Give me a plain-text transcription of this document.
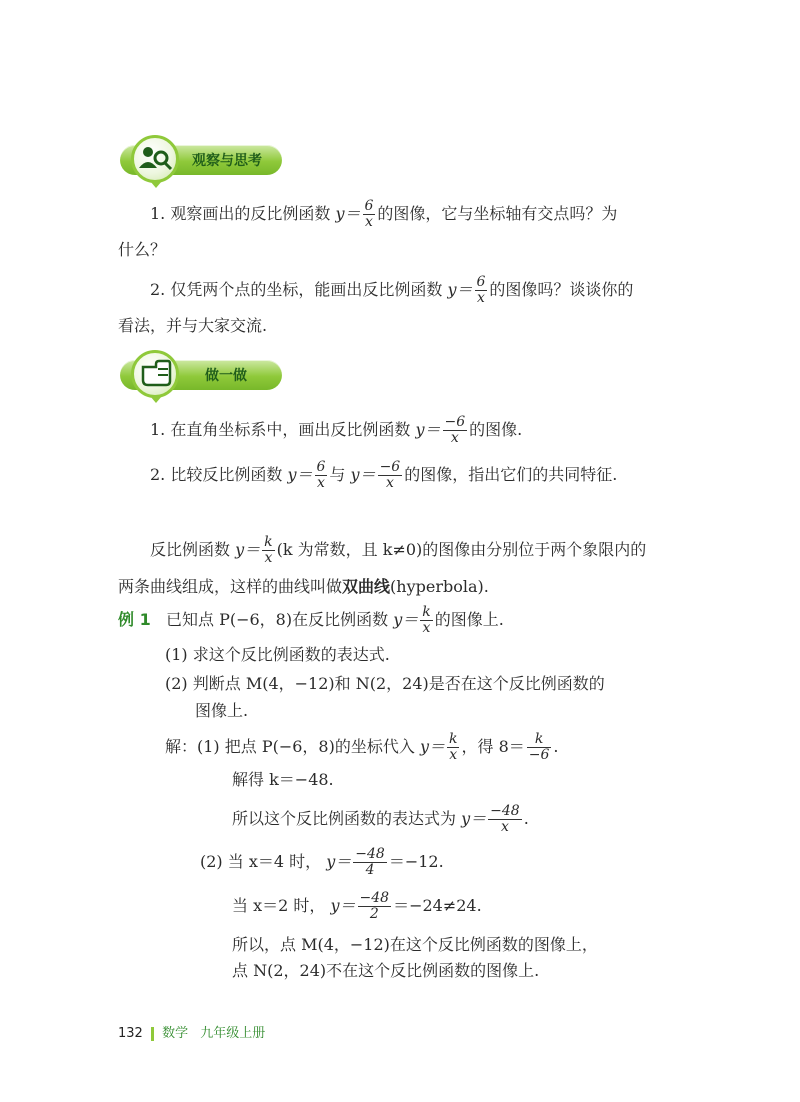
观察与思考
1. 观察画出的反比例函数 $y= \frac{6}{x}$ 的图像，它与坐标轴有交点吗？为
什么？
2. 仅凭两个点的坐标，能画出反比例函数 $y= \frac{6}{x}$ 的图像吗？谈谈你的
看法，并与大家交流.
做一做
1. 在直角坐标系中，画出反比例函数 $y= \frac{-6}{x}$ 的图像.
2. 比较反比例函数 $y= \frac{6}{x}$ 与 $y= \frac{-6}{x}$ 的图像，指出它们的共同特征.
反比例函数 $y= \frac{k}{x} (k$ 为常数，且 k≠0)的图像由分别位于两个象限内的
两条曲线组成，这样的曲线叫做双曲线(hyperbola).
例 1 已知点 P(−6，8)在反比例函数 $y= \frac{k}{x}$ 的图像上.
(1) 求这个反比例函数的表达式.
(2) 判断点 M(4，−12)和 N(2，24)是否在这个反比例函数的
图像上.
解：(1) 把点 P(−6，8)的坐标代入 $y= \frac{k}{x}$ ，得 $8= \frac{k}{-6}$ .
解得 k＝−48.
所以这个反比例函数的表达式为 $y= \frac{-48}{x}$ .
(2) 当 x＝4 时， $y= \frac{-48}{4} =-12$.
当 x＝2 时， $y= \frac{-48}{2} =-24\ne 24$.
所以，点 M(4，−12)在这个反比例函数的图像上，
点 N(2，24)不在这个反比例函数的图像上.
132 数学 九年级上册
